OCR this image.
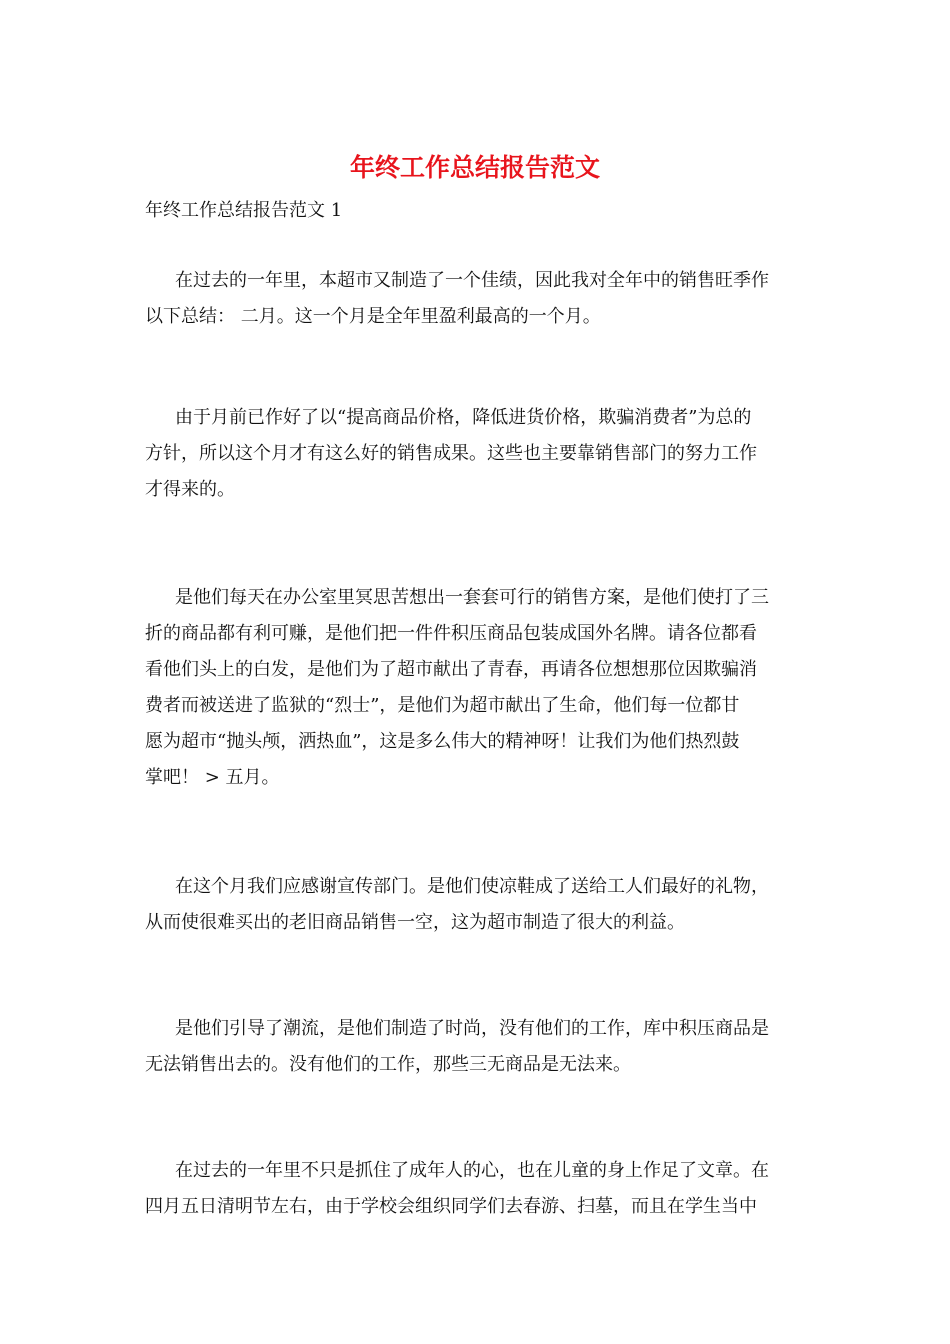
年终工作总结报告范文

年终工作总结报告范文 1

在过去的一年里，本超市又制造了一个佳绩，因此我对全年中的销售旺季作
以下总结： 二月。这一个月是全年里盈利最高的一个月。

由于月前已作好了以“提高商品价格，降低进货价格，欺骗消费者”为总的
方针，所以这个月才有这么好的销售成果。这些也主要靠销售部门的努力工作
才得来的。

是他们每天在办公室里冥思苦想出一套套可行的销售方案，是他们使打了三
折的商品都有利可赚，是他们把一件件积压商品包装成国外名牌。请各位都看
看他们头上的白发，是他们为了超市献出了青春，再请各位想想那位因欺骗消
费者而被送进了监狱的“烈士”，是他们为超市献出了生命，他们每一位都甘
愿为超市“抛头颅，洒热血”，这是多么伟大的精神呀！让我们为他们热烈鼓
掌吧！ > 五月。

在这个月我们应感谢宣传部门。是他们使凉鞋成了送给工人们最好的礼物，
从而使很难买出的老旧商品销售一空，这为超市制造了很大的利益。

是他们引导了潮流，是他们制造了时尚，没有他们的工作，库中积压商品是
无法销售出去的。没有他们的工作，那些三无商品是无法来。

在过去的一年里不只是抓住了成年人的心，也在儿童的身上作足了文章。在
四月五日清明节左右，由于学校会组织同学们去春游、扫墓，而且在学生当中
